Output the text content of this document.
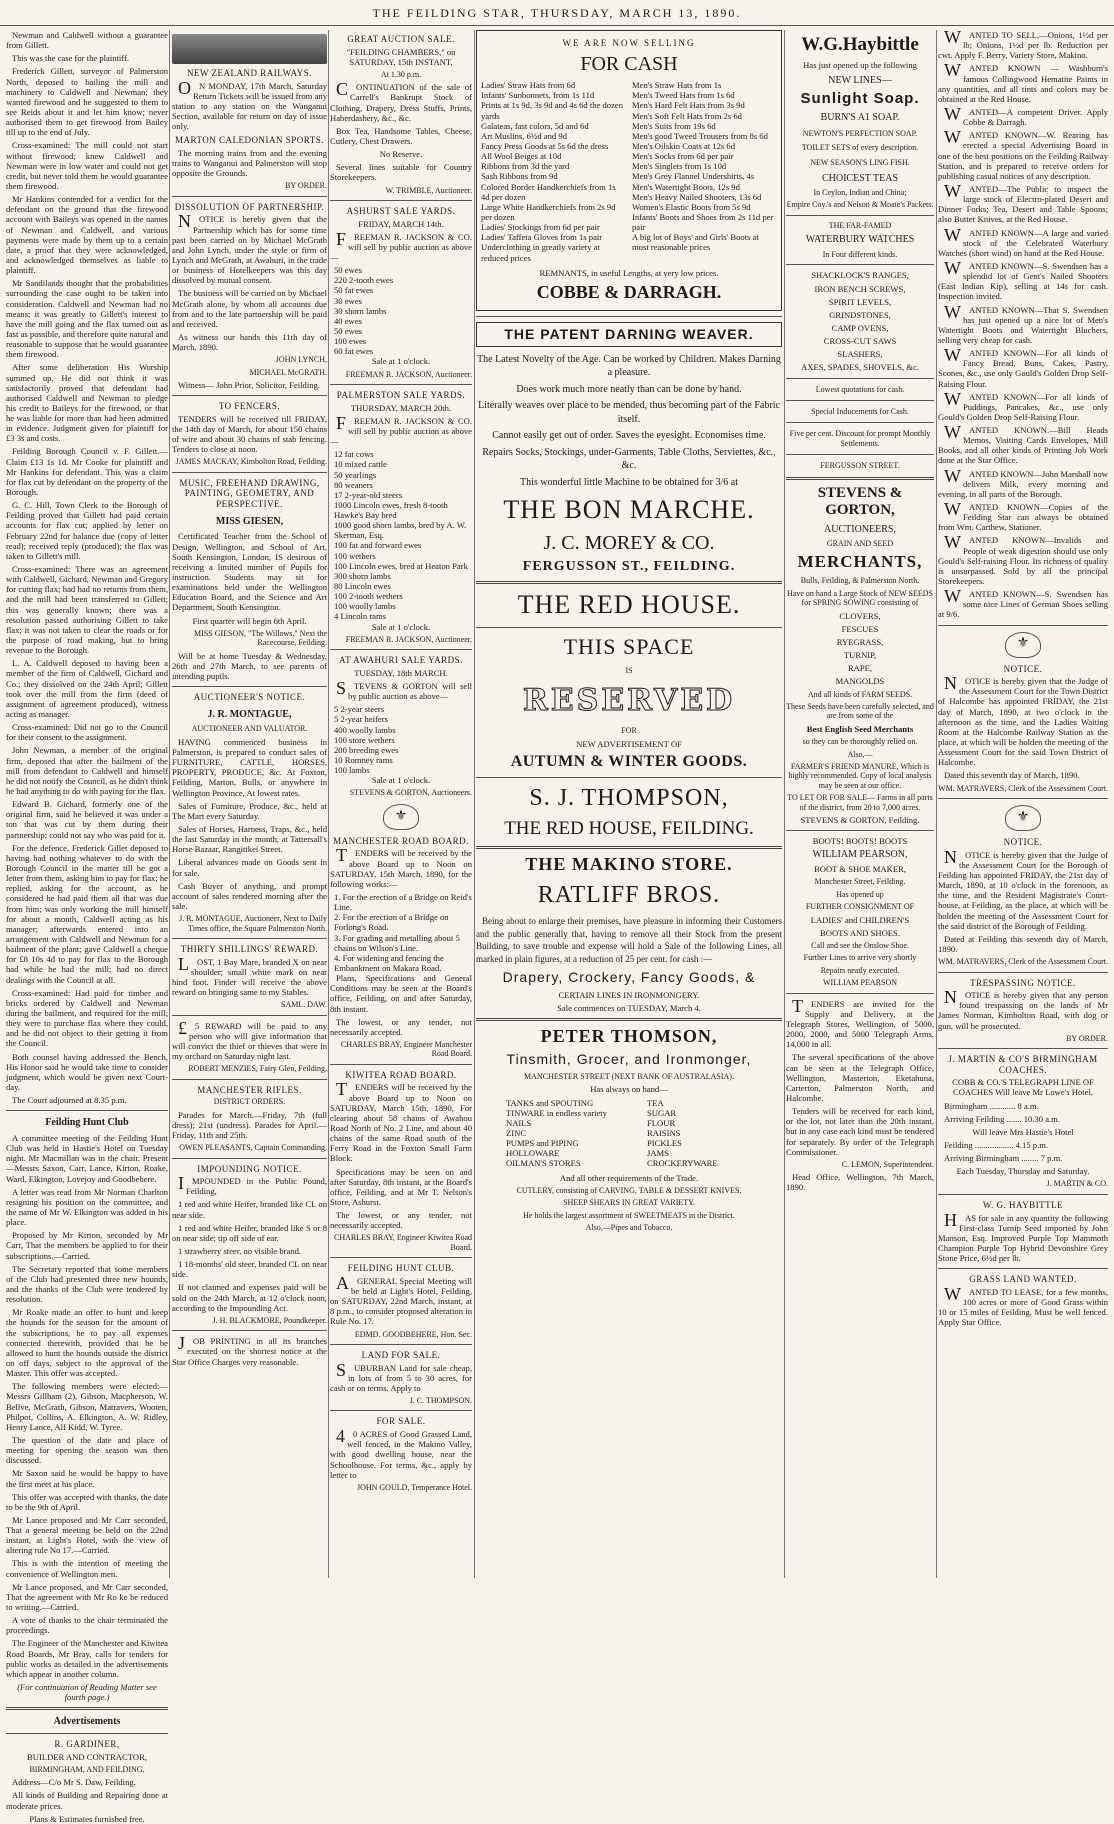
THE FEILDING STAR, THURSDAY, MARCH 13, 1890.

Newman and Caldwell without a guarantee from Gillett.

This was the case for the plaintiff.

Frederick Gillett, surveyor of Palmerston North, deposed to bailing the mill and machinery to Caldwell and Newman; they wanted firewood and he suggested to them to see Reids about it and let him know; never authorised them to get firewood from Bailey till up to the end of July.

Cross-examined: The mill could not start without firewood; knew Caldwell and Newman were in low water and could not get credit, but never told them he would guarantee them firewood.

Mr Hankins contended for a verdict for the defendant on the ground that the firewood account with Baileys was opened in the names of Newman and Caldwell, and various payments were made by them up to a certain date, a proof that they were acknowledged, and acknowledged themselves as liable to plaintiff.

Mr Sandilands thought that the probabilities surrounding the case ought to be taken into consideration. Caldwell and Newman had no means; it was greatly to Gillett's interest to have the mill going and the flax turned out as fast as possible, and therefore quite natural and reasonable to suppose that he would guarantee them firewood.

After some deliberation His Worship summed up. He did not think it was satisfactorily proved that defendant had authorised Caldwell and Newman to pledge his credit to Baileys for the firewood, or that he was liable for more than had been admitted in evidence. Judgment given for plaintiff for £3 3s and costs.

Feilding Borough Council v. F. Gillett.—Claim £13 1s 1d. Mr Cooke for plaintiff and Mr Hankins for defendant. This was a claim for flax cut by defendant on the property of the Borough.

G. C. Hill, Town Clerk to the Borough of Feilding proved that Gillett had paid certain accounts for flax cut; applied by letter on February 22nd for balance due (copy of letter read); received reply (produced); the flax was taken to Gillett's mill.

Cross-examined: There was an agreement with Caldwell, Gichard, Newman and Gregory for cutting flax; had had no returns from them, and the mill had been transferred to Gillett; this was generally known; there was a resolution passed authorising Gillett to take flax; it was not taken to clear the roads or for the purpose of road making, but to bring revenue to the Borough.

L. A. Caldwell deposed to having been a member of the firm of Caldwell, Gichard and Co.; they dissolved on the 24th April; Gillett took over the mill from the firm (deed of assignment of agreement produced), witness acting as manager.

Cross-examined: Did not go to the Council for their consent to the assignment.

John Newman, a member of the original firm, deposed that after the bailment of the mill from defendant to Caldwell and himself he did not notify the Council, as he didn't think he had anything to do with paying for the flax.

Edward B. Gichard, formerly one of the original firm, said he believed it was under a ton that was cut by them during their partnership; could not say who was paid for it.

For the defence, Frederick Gillet deposed to having had nothing whatever to do with the Borough Council in the matter till he got a letter from them, asking him to pay for flax; he replied, asking for the account, as he considered he had paid them all that was due from him; was only working the mill himself for about a month, Caldwell acting as his manager; afterwards entered into an arrangement with Caldwell and Newman for a bailment of the plant; gave Caldwell a cheque for £8 10s 4d to pay for flax to the Borough had while he had the mill; had no direct dealings with the Council at all.

Cross-examined: Had paid for timber and bricks ordered by Caldwell and Newman during the bailment, and required for the mill; they were to purchase flax where they could, and he did not object to their getting it from the Council.

Both counsel having addressed the Bench, His Honor said he would take time to consider judgment, which would be given next Court-day.

The Court adjourned at 8.35 p.m.

Feilding Hunt Club

A committee meeting of the Feilding Hunt Club was held in Hastie's Hotel on Tuesday night. Mr Macmillan was in the chair. Present—Messrs Saxon, Carr, Lance, Kirton, Roake, Ward, Elkington, Lovejoy and Goodbehere.

A letter was read from Mr Norman Charlton resigning his position on the committee, and the name of Mr W. Elkington was added in his place.

Proposed by Mr Kirton, seconded by Mr Carr, That the members be applied to for their subscriptions.—Carried.

The Secretary reported that some members of the Club had presented three new hounds, and the thanks of the Club were tendered by resolution.

Mr Roake made an offer to hunt and keep the hounds for the season for the amount of the subscriptions, he to pay all expenses connected therewith, provided that he be allowed to hunt the hounds outside the district on off days, subject to the approval of the Master. This offer was accepted.

The following members were elected:—Messrs Gillham (2), Gibson, Macpherson, W. Bellve, McGrath, Gibson, Matravers, Wooten, Philpot, Collins, A. Elkington, A. W. Ridley, Henry Lance, Alf Kidd, W. Tyree.

The question of the date and place of meeting for opening the season was then discussed.

Mr Saxon said he would be happy to have the first meet at his place.

This offer was accepted with thanks, the date to be the 9th of April.

Mr Lance proposed and Mr Carr seconded, That a general meeting be held on the 22nd instant, at Light's Hotel, with the view of altering rule No 17.—Carried.

This is with the intention of meeting the convenience of Wellington men.

Mr Lance proposed, and Mr Carr seconded, That the agreement with Mr Ro ke be reduced to writing.—Carried.

A vote of thanks to the chair terminated the proceedings.

The Engineer of the Manchester and Kiwitea Road Boards, Mr Bray, calls for tenders for public works as detailed in the advertisements which appear in another column.

(For continuation of Reading Matter see fourth page.)

Advertisements
R. GARDINER,

BUILDER AND CONTRACTOR,

BIRMINGHAM, AND FEILDING.

Address—C/o Mr S. Daw, Feilding.

All kinds of Building and Repairing done at moderate prices.

Plans & Estimates furnished free.

NEW ZEALAND RAILWAYS.

ON MONDAY, 17th March, Saturday Return Tickets will be issued from any station to any station on the Wanganui Section, available for return on day of issue only.

MARTON CALEDONIAN SPORTS.

The morning trains from and the evening trains to Wanganui and Palmerston will stop opposite the Grounds.

BY ORDER.

DISSOLUTION OF PARTNERSHIP.

NOTICE is hereby given that the Partnership which has for some time past been carried on by Michael McGrath and John Lynch, under the style or firm of Lynch and McGrath, at Awahuri, in the trade or business of Hotelkeepers was this day dissolved by mutual consent.

The business will be carried on by Michael McGrath alone, by whom all accounts due from and to the late partnership will be paid and received.

As witness our hands this 11th day of March, 1890.

JOHN LYNCH,

MICHAEL McGRATH.

Witness— John Prior, Solicitor, Feilding.

TO FENCERS.

TENDERS will be received till FRIDAY, the 14th day of March, for about 150 chains of wire and about 30 chains of stab fencing. Tenders to close at noon.

JAMES MACKAY, Kimbolton Road, Feilding.

MUSIC, FREEHAND DRAWING, PAINTING, GEOMETRY, AND PERSPECTIVE.
MISS GIESEN,

Certificated Teacher from the School of Design, Wellington, and School of Art, South Kensington, London, IS desirous of receiving a limited number of Pupils for instruction. Students may sit for examinations held under the Wellington Education Board, and the Science and Art Department, South Kensington.

First quarter will begin 6th April.

MISS GIESON, "The Willows," Next the Racecourse, Feilding.

Will be at home Tuesday & Wednesday, 26th and 27th March, to see parents of intending pupils.

AUCTIONEER'S NOTICE.
J. R. MONTAGUE,

AUCTIONEER AND VALUATOR.

HAVING commenced business in Palmerston, is prepared to conduct sales of FURNITURE, CATTLE, HORSES, PROPERTY, PRODUCE, &c. At Foxton, Feilding, Marton, Bulls, or anywhere in Wellington Province, At lowest rates.

Sales of Furniture, Produce, &c., held at The Mart every Saturday.

Sales of Horses, Harness, Traps, &c., held the last Saturday in the month, at Tattersall's Horse Bazaar, Rangitikei Street.

Liberal advances made on Goods sent in for sale.

Cash Buyer of anything, and prompt account of sales rendered morning after the sale.

J. R. MONTAGUE, Auctioneer, Next to Daily Times office, the Square Palmerston North.

THIRTY SHILLINGS' REWARD.

LOST, 1 Bay Mare, branded X on near shoulder; small white mark on near hind foot. Finder will receive the above reward on bringing same to my Stables.

SAML. DAW.

£5 REWARD will be paid to any person who will give information that will convict the thief or thieves that were in my orchard on Saturday night last.

ROBERT MENZIES, Fairy Glen, Feilding.

MANCHESTER RIFLES.

DISTRICT ORDERS.

Parades for March.—Friday, 7th (full dress); 21st (undress). Parades for April.—Friday, 11th and 25th.

OWEN PLEASANTS, Captain Commanding.

IMPOUNDING NOTICE.

IMPOUNDED in the Public Pound, Feilding,

1 red and white Heifer, branded like CL on near side.

1 red and white Heifer, branded like S or 8 on near side; tip off side of ear.

1 strawberry steer, no visible brand.

1 18-months' old steer, branded CL on near side.

If not claimed and expenses paid will be sold on the 24th March, at 12 o'clock noon, according to the Impounding Act.

J. H. BLACKMORE, Poundkeeper.

JOB PRINTING in all its branches executed on the shortest notice at the Star Office Charges very reasonable.

GREAT AUCTION SALE.

"FEILDING CHAMBERS," on SATURDAY, 15th INSTANT,

At 1.30 p.m.

CONTINUATION of the sale of Carrell's Bankrupt Stock of Clothing, Drapery, Dress Stuffs, Prints, Haberdashery, &c., &c.

Box Tea, Handsome Tables, Cheese, Cutlery, Chest Drawers.

No Reserve.

Several lines suitable for Country Storekeepers.

W. TRIMBLE, Auctioneer.

ASHURST SALE YARDS.

FRIDAY, MARCH 14th.

FREEMAN R. JACKSON & CO. will sell by public auction as above—

50 ewes
220 2-tooth ewes
50 fat ewes
30 ewes
30 shorn lambs
40 ewes
50 ewes
100 ewes
60 fat ewes

Sale at 1 o'clock.

FREEMAN R. JACKSON, Auctioneer.

PALMERSTON SALE YARDS.

THURSDAY, MARCH 20th.

FREEMAN R. JACKSON & CO. will sell by public auction as above—

12 fat cows
10 mixed cattle
50 yearlings
80 weaners
17 2-year-old steers
1000 Lincoln ewes, fresh 8-tooth Hawke's Bay bred
1000 good shorn lambs, bred by A. W. Skerman, Esq.
100 fat and forward ewes
100 wethers
100 Lincoln ewes, bred at Heaton Park
300 shorn lambs
80 Lincoln ewes
100 2-tooth wethers
100 woolly lambs
4 Lincoln rams

Sale at 1 o'clock.

FREEMAN R. JACKSON, Auctioneer.

AT AWAHURI SALE YARDS.

TUESDAY, 18th MARCH.

STEVENS & GORTON will sell by public auction as above—

5 2-year steers
5 2-year heifers
400 woolly lambs
100 store wethers
200 breeding ewes
10 Romney rams
100 lambs

Sale at 1 o'clock.

STEVENS & GORTON, Auctioneers.

⚜
MANCHESTER ROAD BOARD.

TENDERS will be received by the above Board up to Noon on SATURDAY, 15th March, 1890, for the following works:—

1. For the erection of a Bridge on Reid's Line.
2. For the erection of a Bridge on Forlong's Road.
3. For grading and metalling about 5 chains on Wilson's Line.
4. For widening and fencing the Embankment on Makara Road.

Plans, Specifications and General Conditions may be seen at the Board's office, Feilding, on and after Saturday, 8th instant.

The lowest, or any tender, not necessarily accepted.

CHARLES BRAY, Engineer Manchester Road Board.

KIWITEA ROAD BOARD.

TENDERS will be received by the above Board up to Noon on SATURDAY, March 15th, 1890, For clearing about 58 chains of Awahou Road North of No. 2 Line, and about 40 chains of the same Road south of the Ferry Road in the Foxton Small Farm Block.

Specifications may be seen on and after Saturday, 8th instant, at the Board's office, Feilding, and at Mr T. Nelson's Store, Ashurst.

The lowest, or any tender, not necessarily accepted.

CHARLES BRAY, Engineer Kiwitea Road Board.

FEILDING HUNT CLUB.

AGENERAL Special Meeting will be held at Light's Hotel, Feilding, on SATURDAY, 22nd March, instant, at 8 p.m., to consider proposed alteration in Rule No. 17.

EDMD. GOODBEHERE, Hon. Sec.

LAND FOR SALE.

SUBURBAN Land for sale cheap, in lots of from 5 to 30 acres, for cash or on terms. Apply to

J. C. THOMPSON.

FOR SALE.

40 ACRES of Good Grassed Land, well fenced, in the Makino Valley, with good dwelling house, near the Schoolhouse. For terms, &c., apply by letter to

JOHN GOULD, Temperance Hotel.

WE ARE NOW SELLING
FOR CASH
Ladies' Straw Hats from 6d
Infants' Sunbonnets, from 1s 11d
Prints at 1s 9d, 3s 9d and 4s 6d the dozen yards
Galateas, fast colors, 5d and 6d
Art Muslins, 6½d and 9d
Fancy Press Goods at 5s 6d the dress
All Wool Beiges at 10d
Ribbons from 3d the yard
Sash Ribbons from 9d
Colored Border Handkerchiefs from 1s 4d per dozen
Large White Handkerchiefs from 2s 9d per dozen
Ladies' Stockings from 6d per pair
Ladies' Taffeta Gloves from 1s pair
Underclothing in greatly variety at reduced prices
Men's Straw Hats from 1s
Men's Tweed Hats from 1s 6d
Men's Hard Felt Hats from 3s 9d
Men's Soft Felt Hats from 2s 6d
Men's Suits from 19s 6d
Men's good Tweed Trousers from 8s 6d
Men's Oilskin Coats at 12s 6d
Men's Socks from 6d per pair
Men's Singlets from 1s 10d
Men's Grey Flannel Undershirts, 4s
Men's Watertight Boots, 12s 9d
Men's Heavy Nailed Shooters, 13s 6d
Women's Elastic Boots from 5s 9d
Infants' Boots and Shoes from 2s 11d per pair
A big lot of Boys' and Girls' Boots at most reasonable prices

REMNANTS, in useful Lengths, at very low prices.

COBBE & DARRAGH.
THE PATENT DARNING WEAVER.

The Latest Novelty of the Age. Can be worked by Children. Makes Darning a pleasure.

Does work much more neatly than can be done by hand.

Literally weaves over place to be mended, thus becoming part of the Fabric itself.

Cannot easily get out of order. Saves the eyesight. Economises time.

Repairs Socks, Stockings, under-Garments, Table Cloths, Serviettes, &c., &c.

This wonderful little Machine to be obtained for 3/6 at

THE BON MARCHE.
J. C. MOREY & CO.
FERGUSSON ST., FEILDING.
THE RED HOUSE.
THIS SPACE

IS

RESERVED

FOR

NEW ADVERTISEMENT OF

AUTUMN & WINTER GOODS.
S. J. THOMPSON,
THE RED HOUSE, FEILDING.
THE MAKINO STORE.
RATLIFF BROS.

Being about to enlarge their premises, have pleasure in informing their Customers and the public generally that, having to remove all their Stock from the present Building, to save trouble and expense will hold a Sale of the following Lines, all marked in plain figures, at a reduction of 25 per cent. for cash :—

Drapery, Crockery, Fancy Goods, &

CERTAIN LINES IN IRONMONGERY.

Sale commences on TUESDAY, March 4.

PETER THOMSON,
Tinsmith, Grocer, and Ironmonger,

MANCHESTER STREET (NEXT BANK OF AUSTRALASIA).

Has always on hand—

TANKS and SPOUTING
TINWARE in endless variety
NAILS
ZINC
PUMPS and PIPING
HOLLOWARE
OILMAN'S STORES
TEA
SUGAR
FLOUR
RAISINS
PICKLES
JAMS
CROCKERYWARE

And all other requirements of the Trade.

CUTLERY, consisting of CARVING, TABLE & DESSERT KNIVES.

SHEEP SHEARS IN GREAT VARIETY.

He holds the largest assortment of SWEETMEATS in the District.

Also,—Pipes and Tobacco.

W.G.Haybittle

Has just opened up the following

NEW LINES—

Sunlight Soap.

BURN'S A1 SOAP.

NEWTON'S PERFECTION SOAP.

TOILET SETS of every description.

NEW SEASON'S LING FISH.

CHOICEST TEAS

In Ceylon, Indian and China;

Empire Coy.'s and Nelson & Moate's Packets.

THE FAR-FAMED

WATERBURY WATCHES

In Four different kinds.

SHACKLOCK'S RANGES,

IRON BENCH SCREWS,

SPIRIT LEVELS,

GRINDSTONES,

CAMP OVENS,

CROSS-CUT SAWS

SLASHERS,

AXES, SPADES, SHOVELS, &c.

Lowest quotations for cash.

Special Inducements for Cash.

Five per cent. Discount for prompt Monthly Settlements.

FERGUSSON STREET.

STEVENS & GORTON,

AUCTIONEERS,

GRAIN AND SEED

MERCHANTS,

Bulls, Feilding, & Palmerston North.

Have on hand a Large Stock of NEW SEEDS for SPRING SOWING consisting of

CLOVERS,

FESCUES

RYEGRASS,

TURNIP,

RAPE,

MANGOLDS

And all kinds of FARM SEEDS.

These Seeds have been carefully selected, and are from some of the

Best English Seed Merchants

so they can be thoroughly relied on.

Also,—

FARMER'S FRIEND MANURE, Which is highly recommended. Copy of local analysis may be seen at our office.

TO LET OR FOR SALE— Farms in all parts of the district, from 20 to 7,000 acres.

STEVENS & GORTON, Feilding.

BOOTS! BOOTS! BOOTS

WILLIAM PEARSON,

BOOT & SHOE MAKER,

Manchester Street, Feilding.

Has opened up

FURTHER CONSIGNMENT OF

LADIES' and CHILDREN'S

BOOTS AND SHOES.

Call and see the Onslow Shoe.

Further Lines to arrive very shortly

Repairs neatly executed.

WILLIAM PEARSON

TENDERS are invited for the Supply and Delivery, at the Telegraph Stores, Wellington, of 5000, 2000, 2000, and 5000 Telegraph Arms, 14,000 in all.

The several specifications of the above can be seen at the Telegraph Office, Wellington, Masterton, Eketahuna, Carterton, Palmerston North, and Halcombe.

Tenders will be received for each kind, or the lot, not later than the 20th instant, but in any case each kind must be tendered for separately. By order of the Telegraph Commissioner.

C. LEMON, Superintendent.

Head Office, Wellington, 7th March, 1890.

WANTED TO SELL,—Onions, 1½d per lb; Onions, 1½d per lb. Reduction per cwt. Apply F. Berry, Variety Store, Makino.

WANTED KNOWN — Washburn's famous Collingwood Hematite Paints in any quantities, and all tints and colors may be obtained at the Red House.

WANTED—A competent Driver. Apply Cobbe & Darragh.

WANTED KNOWN—W. Rearing has erected a special Advertising Board in one of the best positions on the Feilding Railway Station, and is prepared to receive orders for publishing casual notices of any description.

WANTED—The Public to inspect the large stock of Electro-plated Desert and Dinner Forks; Tea, Desert and Table Spoons; also Butter Knives, at the Red House.

WANTED KNOWN—A large and varied stock of the Celebrated Waterbury Watches (short wind) on hand at the Red House.

WANTED KNOWN—S. Swendsen has a splendid lot of Gent's Nailed Shooters (East Indian Kip), selling at 14s for cash. Inspection invited.

WANTED KNOWN—That S. Swendsen has just opened up a nice lot of Men's Watertight Boots and Watertight Bluchers, selling very cheap for cash.

WANTED KNOWN—For all kinds of Fancy Bread, Buns, Cakes, Pastry, Scones, &c., use only Gould's Golden Drop Self-Raising Flour.

WANTED KNOWN—For all kinds of Puddings, Pancakes, &c., use only Gould's Golden Drop Self-Raising Flour.

WANTED KNOWN.—Bill Heads Memos, Visiting Cards Envelopes, Mill Books, and all other kinds of Printing Job Work done at the Star Office.

WANTED KNOWN—John Marshall now delivers Milk, every morning and evening, in all parts of the Borough.

WANTED KNOWN—Copies of the Feilding Star can always be obtained from Wm. Carthew, Stationer.

WANTED KNOWN—Invalids and People of weak digestion should use only Gould's Self-raising Flour. Its richness of quality is unsurpassed. Sold by all the principal Storekeepers.

WANTED KNOWN—S. Swendsen has some nice Lines of German Shoes selling at 9/6.

⚜
NOTICE.

NOTICE is hereby given that the Judge of the Assessment Court for the Town District of Halcombe has appointed FRIDAY, the 21st day of March, 1890, at two o'clock in the afternoon as the time, and the Ladies Waiting Room at the Halcombe Railway Station as the place, at which will be holden the meeting of the Assessment Court for the said Town District of Halcombe.

Dated this seventh day of March, 1890.

WM. MATRAVERS, Clerk of the Assessment Court.

⚜
NOTICE.

NOTICE is hereby given that the Judge of the Assessment Court for the Borough of Feilding has appointed FRIDAY, the 21st day of March, 1890, at 10 o'clock in the forenoon, as the time, and the Resident Magistrate's Court-house, at Feilding, as the place, at which will be holden the meeting of the Assessment Court for the said district of the Borough of Feilding.

Dated at Feilding this seventh day of March, 1890.

WM. MATRAVERS, Clerk of the Assessment Court.

TRESPASSING NOTICE.

NOTICE is hereby given that any person found trespassing on the lands of Mr James Norman, Kimbolton Road, with dog or gun, will be prosecuted.

BY ORDER.

J. MARTIN & CO'S BIRMINGHAM COACHES.

COBB & CO.'S TELEGRAPH LINE OF COACHES Will leave Mr Lowe's Hotel,

Birmingham ............ 8 a.m.

Arriving Feilding ....... 10.30 a.m.

Will leave Mrs Hastie's Hotel

Feilding .................. 4.15 p.m.

Arriving Birmingham ........ 7 p.m.

Each Tuesday, Thursday and Saturday.

J. MARTIN & CO.

W. G. HAYBITTLE

HAS for sale in any quantity the following First-class Turnip Seed imported by John Manson, Esq. Improved Purple Top Mammoth Champion Purple Top Hybrid Devonshire Grey Stone Price, 6½d per lb.

GRASS LAND WANTED.

WANTED TO LEASE, for a few months, 100 acres or more of Good Grass within 10 or 15 miles of Feilding. Must be well fenced. Apply Star Office.
